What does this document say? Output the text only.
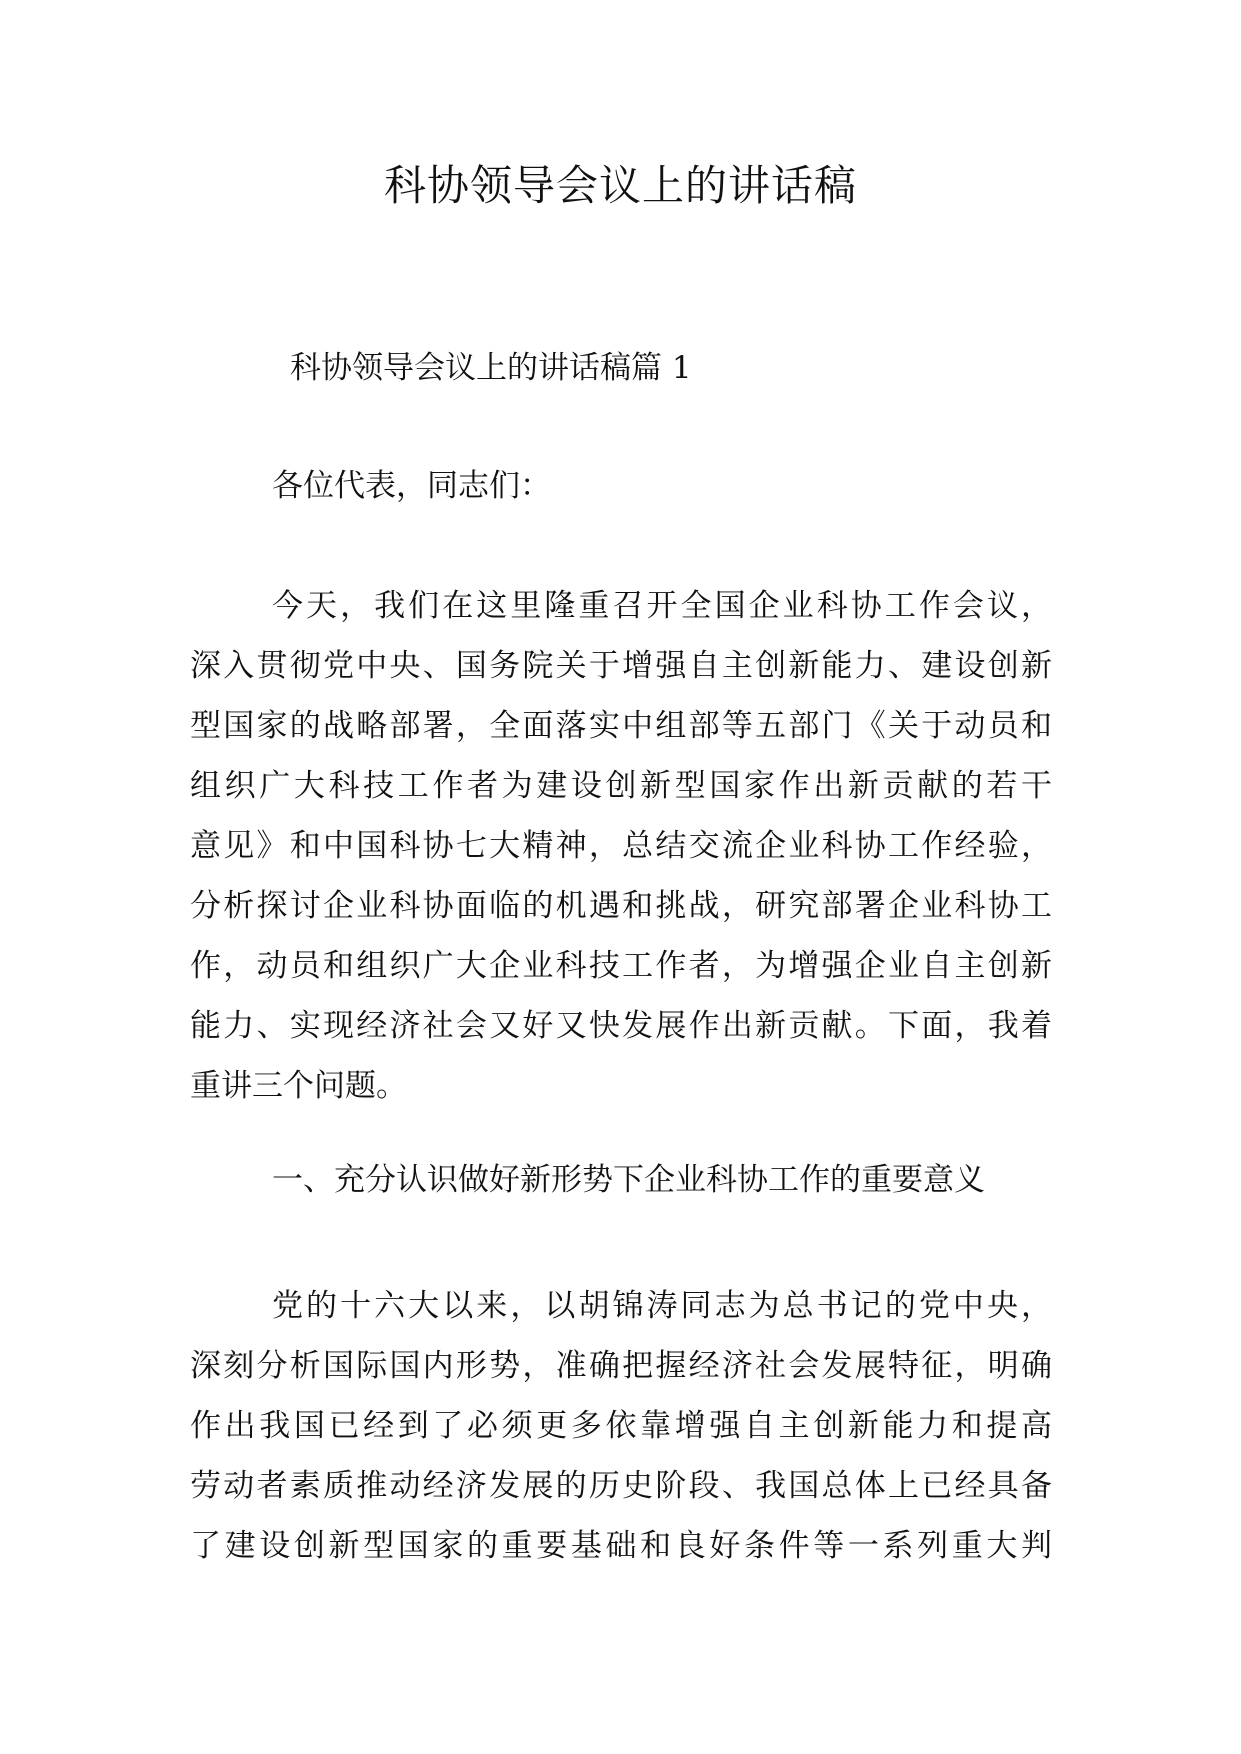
科协领导会议上的讲话稿

科协领导会议上的讲话稿篇 1

各位代表，同志们：

今天，我们在这里隆重召开全国企业科协工作会议，
深入贯彻党中央、国务院关于增强自主创新能力、建设创新
型国家的战略部署，全面落实中组部等五部门《关于动员和
组织广大科技工作者为建设创新型国家作出新贡献的若干
意见》和中国科协七大精神，总结交流企业科协工作经验，
分析探讨企业科协面临的机遇和挑战，研究部署企业科协工
作，动员和组织广大企业科技工作者，为增强企业自主创新
能力、实现经济社会又好又快发展作出新贡献。下面，我着
重讲三个问题。
一、充分认识做好新形势下企业科协工作的重要意义
党的十六大以来，以胡锦涛同志为总书记的党中央，
深刻分析国际国内形势，准确把握经济社会发展特征，明确
作出我国已经到了必须更多依靠增强自主创新能力和提高
劳动者素质推动经济发展的历史阶段、我国总体上已经具备
了建设创新型国家的重要基础和良好条件等一系列重大判
